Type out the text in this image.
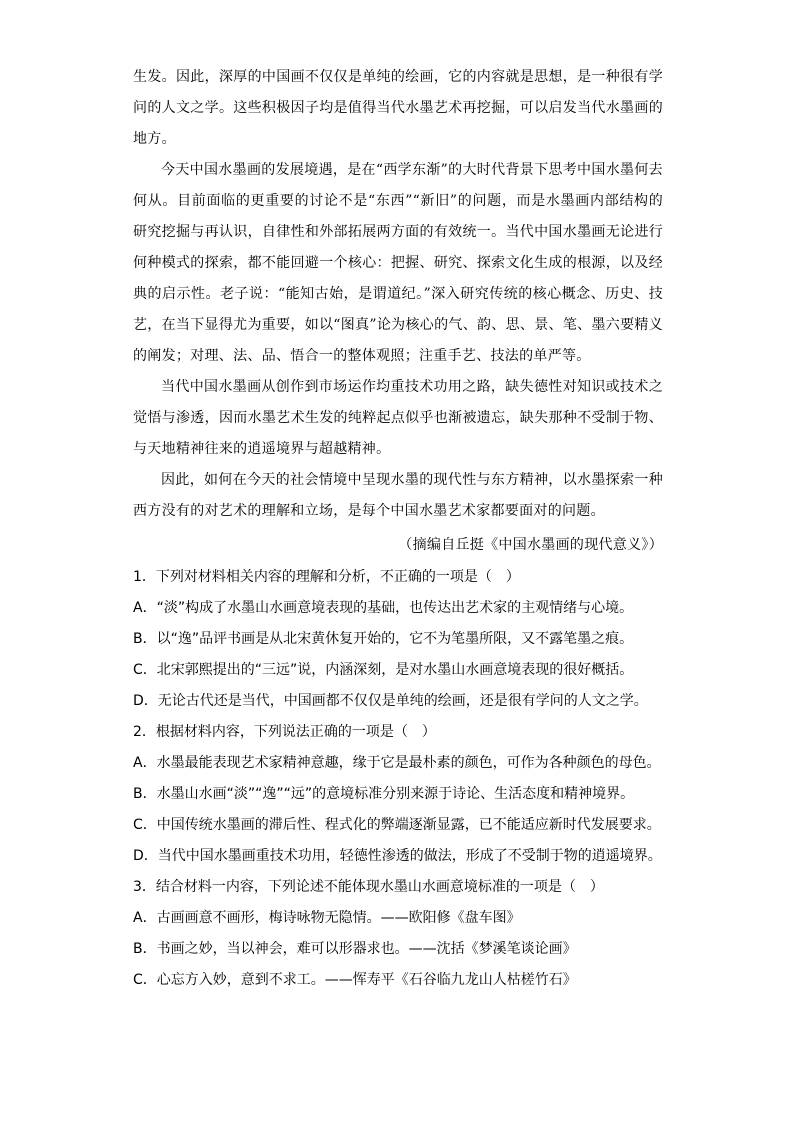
生发。因此，深厚的中国画不仅仅是单纯的绘画，它的内容就是思想，是一种很有学问的人文之学。这些积极因子均是值得当代水墨艺术再挖掘，可以启发当代水墨画的地方。

今天中国水墨画的发展境遇，是在“西学东渐”的大时代背景下思考中国水墨何去何从。目前面临的更重要的讨论不是“东西”“新旧”的问题，而是水墨画内部结构的研究挖掘与再认识，自律性和外部拓展两方面的有效统一。当代中国水墨画无论进行何种模式的探索，都不能回避一个核心：把握、研究、探索文化生成的根源，以及经典的启示性。老子说：“能知古始，是谓道纪。”深入研究传统的核心概念、历史、技艺，在当下显得尤为重要，如以“图真”论为核心的气、韵、思、景、笔、墨六要精义的阐发；对理、法、品、悟合一的整体观照；注重手艺、技法的单严等。

当代中国水墨画从创作到市场运作均重技术功用之路，缺失德性对知识或技术之觉悟与渗透，因而水墨艺术生发的纯粹起点似乎也渐被遗忘，缺失那种不受制于物、与天地精神往来的逍遥境界与超越精神。

因此，如何在今天的社会情境中呈现水墨的现代性与东方精神，以水墨探索一种西方没有的对艺术的理解和立场，是每个中国水墨艺术家都要面对的问题。

（摘编自丘挺《中国水墨画的现代意义》）

1．下列对材料相关内容的理解和分析，不正确的一项是（　）

A．“淡”构成了水墨山水画意境表现的基础，也传达出艺术家的主观情绪与心境。

B．以“逸”品评书画是从北宋黄休复开始的，它不为笔墨所限，又不露笔墨之痕。

C．北宋郭熙提出的“三远”说，内涵深刻，是对水墨山水画意境表现的很好概括。

D．无论古代还是当代，中国画都不仅仅是单纯的绘画，还是很有学问的人文之学。

2．根据材料内容，下列说法正确的一项是（　）

A．水墨最能表现艺术家精神意趣，缘于它是最朴素的颜色，可作为各种颜色的母色。

B．水墨山水画“淡”“逸”“远”的意境标准分别来源于诗论、生活态度和精神境界。

C．中国传统水墨画的滞后性、程式化的弊端逐渐显露，已不能适应新时代发展要求。

D．当代中国水墨画重技术功用，轻德性渗透的做法，形成了不受制于物的逍遥境界。

3．结合材料一内容，下列论述不能体现水墨山水画意境标准的一项是（　）

A．古画画意不画形，梅诗咏物无隐情。——欧阳修《盘车图》

B．书画之妙，当以神会，难可以形器求也。——沈括《梦溪笔谈论画》

C．心忘方入妙，意到不求工。——恽寿平《石谷临九龙山人枯槎竹石》
